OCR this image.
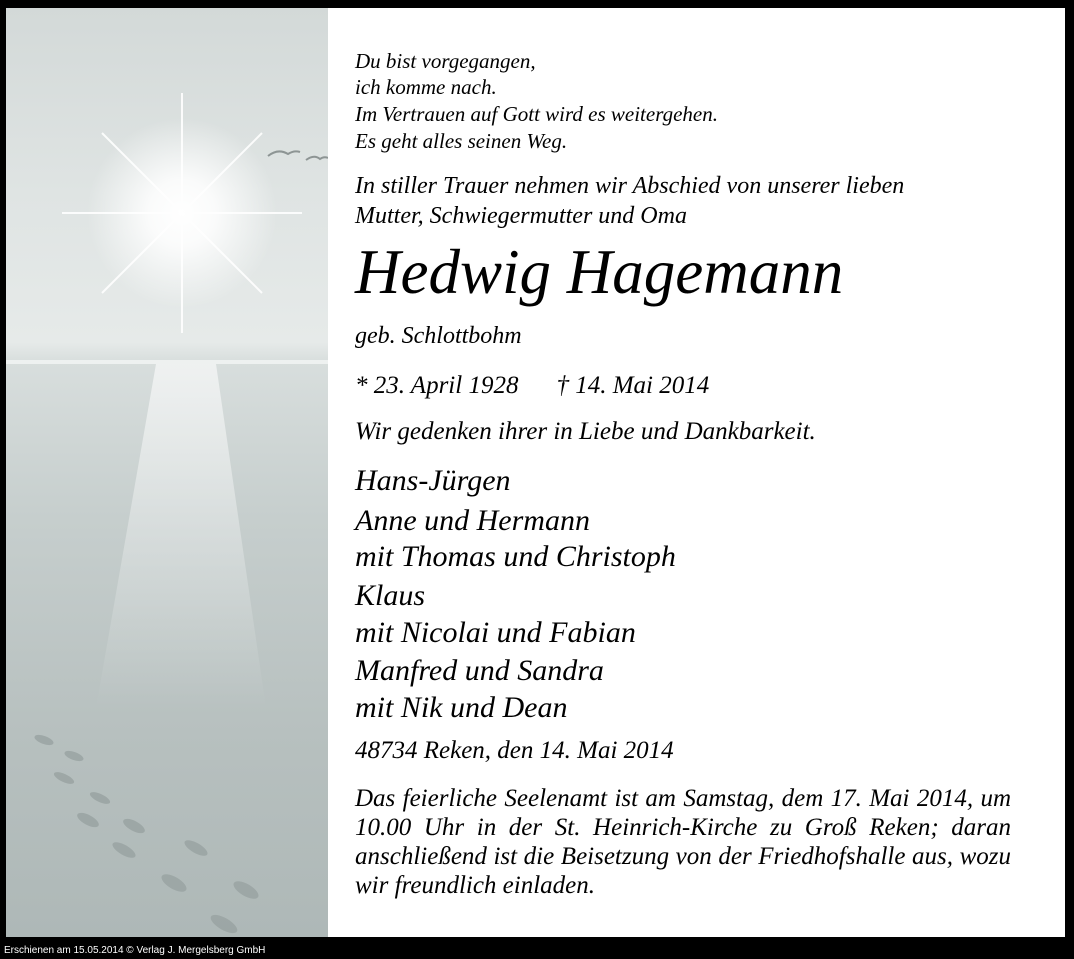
Du bist vorgegangen,
ich komme nach.
Im Vertrauen auf Gott wird es weitergehen.
Es geht alles seinen Weg.
In stiller Trauer nehmen wir Abschied von unserer lieben
Mutter, Schwiegermutter und Oma
Hedwig Hagemann
geb. Schlottbohm
* 23. April 1928 † 14. Mai 2014
Wir gedenken ihrer in Liebe und Dankbarkeit.
Hans-Jürgen
Anne und Hermann
mit Thomas und Christoph
Klaus
mit Nicolai und Fabian
Manfred und Sandra
mit Nik und Dean
48734 Reken, den 14. Mai 2014
Das feierliche Seelenamt ist am Samstag, dem 17. Mai 2014, um 10.00 Uhr in der St. Heinrich-Kirche zu Groß Reken; daran anschließend ist die Beisetzung von der Friedhofshalle aus, wozu wir freundlich einladen.
Erschienen am 15.05.2014 © Verlag J. Mergelsberg GmbH
